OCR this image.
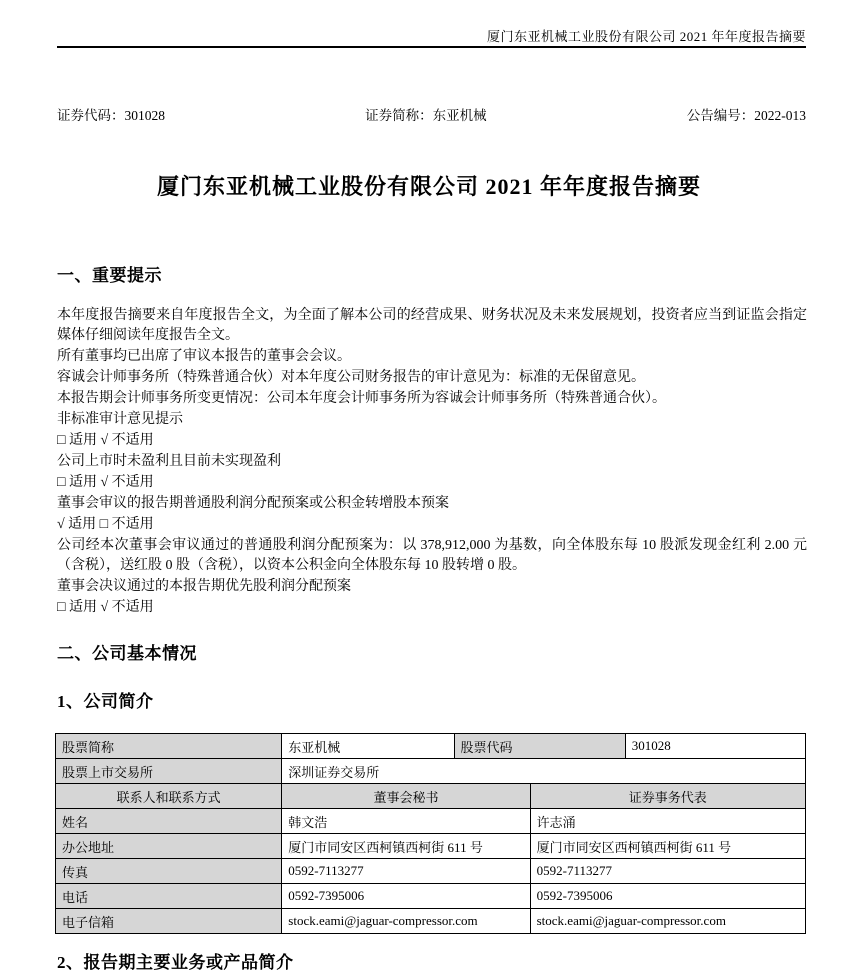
厦门东亚机械工业股份有限公司 2021 年年度报告摘要
证券代码：301028	证券简称：东亚机械	公告编号：2022-013
厦门东亚机械工业股份有限公司 2021 年年度报告摘要
一、重要提示

本年度报告摘要来自年度报告全文，为全面了解本公司的经营成果、财务状况及未来发展规划，投资者应当到证监会指定媒体仔细阅读年度报告全文。

所有董事均已出席了审议本报告的董事会会议。

容诚会计师事务所（特殊普通合伙）对本年度公司财务报告的审计意见为：标准的无保留意见。

本报告期会计师事务所变更情况：公司本年度会计师事务所为容诚会计师事务所（特殊普通合伙）。

非标准审计意见提示

□ 适用 √ 不适用

公司上市时未盈利且目前未实现盈利

□ 适用 √ 不适用

董事会审议的报告期普通股利润分配预案或公积金转增股本预案

√ 适用 □ 不适用

公司经本次董事会审议通过的普通股利润分配预案为：以 378,912,000 为基数，向全体股东每 10 股派发现金红利 2.00 元（含税），送红股 0 股（含税），以资本公积金向全体股东每 10 股转增 0 股。

董事会决议通过的本报告期优先股利润分配预案

□ 适用 √ 不适用

二、公司基本情况
1、公司简介
股票简称	东亚机械	股票代码		301028
股票上市交易所	深圳证券交易所			
联系人和联系方式	董事会秘书		证券事务代表	
姓名	韩文浩		许志涌	
办公地址	厦门市同安区西柯镇西柯街 611 号		厦门市同安区西柯镇西柯街 611 号	
传真	0592-7113277		0592-7113277	
电话	0592-7395006		0592-7395006	
电子信箱	stock.eami@jaguar-compressor.com		stock.eami@jaguar-compressor.com	
2、报告期主要业务或产品简介
